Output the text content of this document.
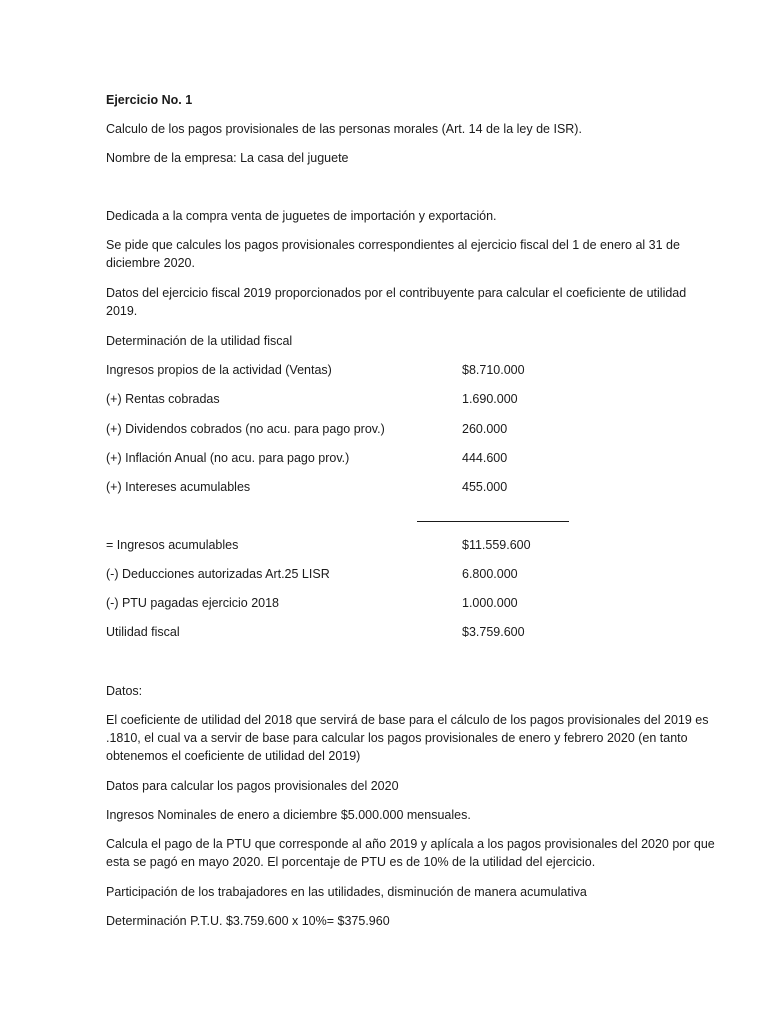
Ejercicio No. 1

Calculo de los pagos provisionales de las personas morales (Art. 14 de la ley de ISR).

Nombre de la empresa: La casa del juguete

Dedicada a la compra venta de juguetes de importación y exportación.

Se pide que calcules los pagos provisionales correspondientes al ejercicio fiscal del 1 de enero al 31 de diciembre 2020.

Datos del ejercicio fiscal 2019 proporcionados por el contribuyente para calcular el coeficiente de utilidad 2019.

Determinación de la utilidad fiscal

Ingresos propios de la actividad (Ventas)	$8.710.000
(+) Rentas cobradas	1.690.000
(+) Dividendos cobrados (no acu. para pago prov.)	260.000
(+) Inflación Anual (no acu. para pago prov.)	444.600
(+) Intereses acumulables	455.000
= Ingresos acumulables	$11.559.600
(-) Deducciones autorizadas Art.25 LISR	6.800.000
(-) PTU pagadas ejercicio 2018	1.000.000
Utilidad fiscal	$3.759.600

Datos:

El coeficiente de utilidad del 2018 que servirá de base para el cálculo de los pagos provisionales del 2019 es .1810, el cual va a servir de base para calcular los pagos provisionales de enero y febrero 2020 (en tanto obtenemos el coeficiente de utilidad del 2019)

Datos para calcular los pagos provisionales del 2020

Ingresos Nominales de enero a diciembre $5.000.000 mensuales.

Calcula el pago de la PTU que corresponde al año 2019 y aplícala a los pagos provisionales del 2020 por que esta se pagó en mayo 2020. El porcentaje de PTU es de 10% de la utilidad del ejercicio.

Participación de los trabajadores en las utilidades, disminución de manera acumulativa

Determinación P.T.U. $3.759.600 x 10%= $375.960
